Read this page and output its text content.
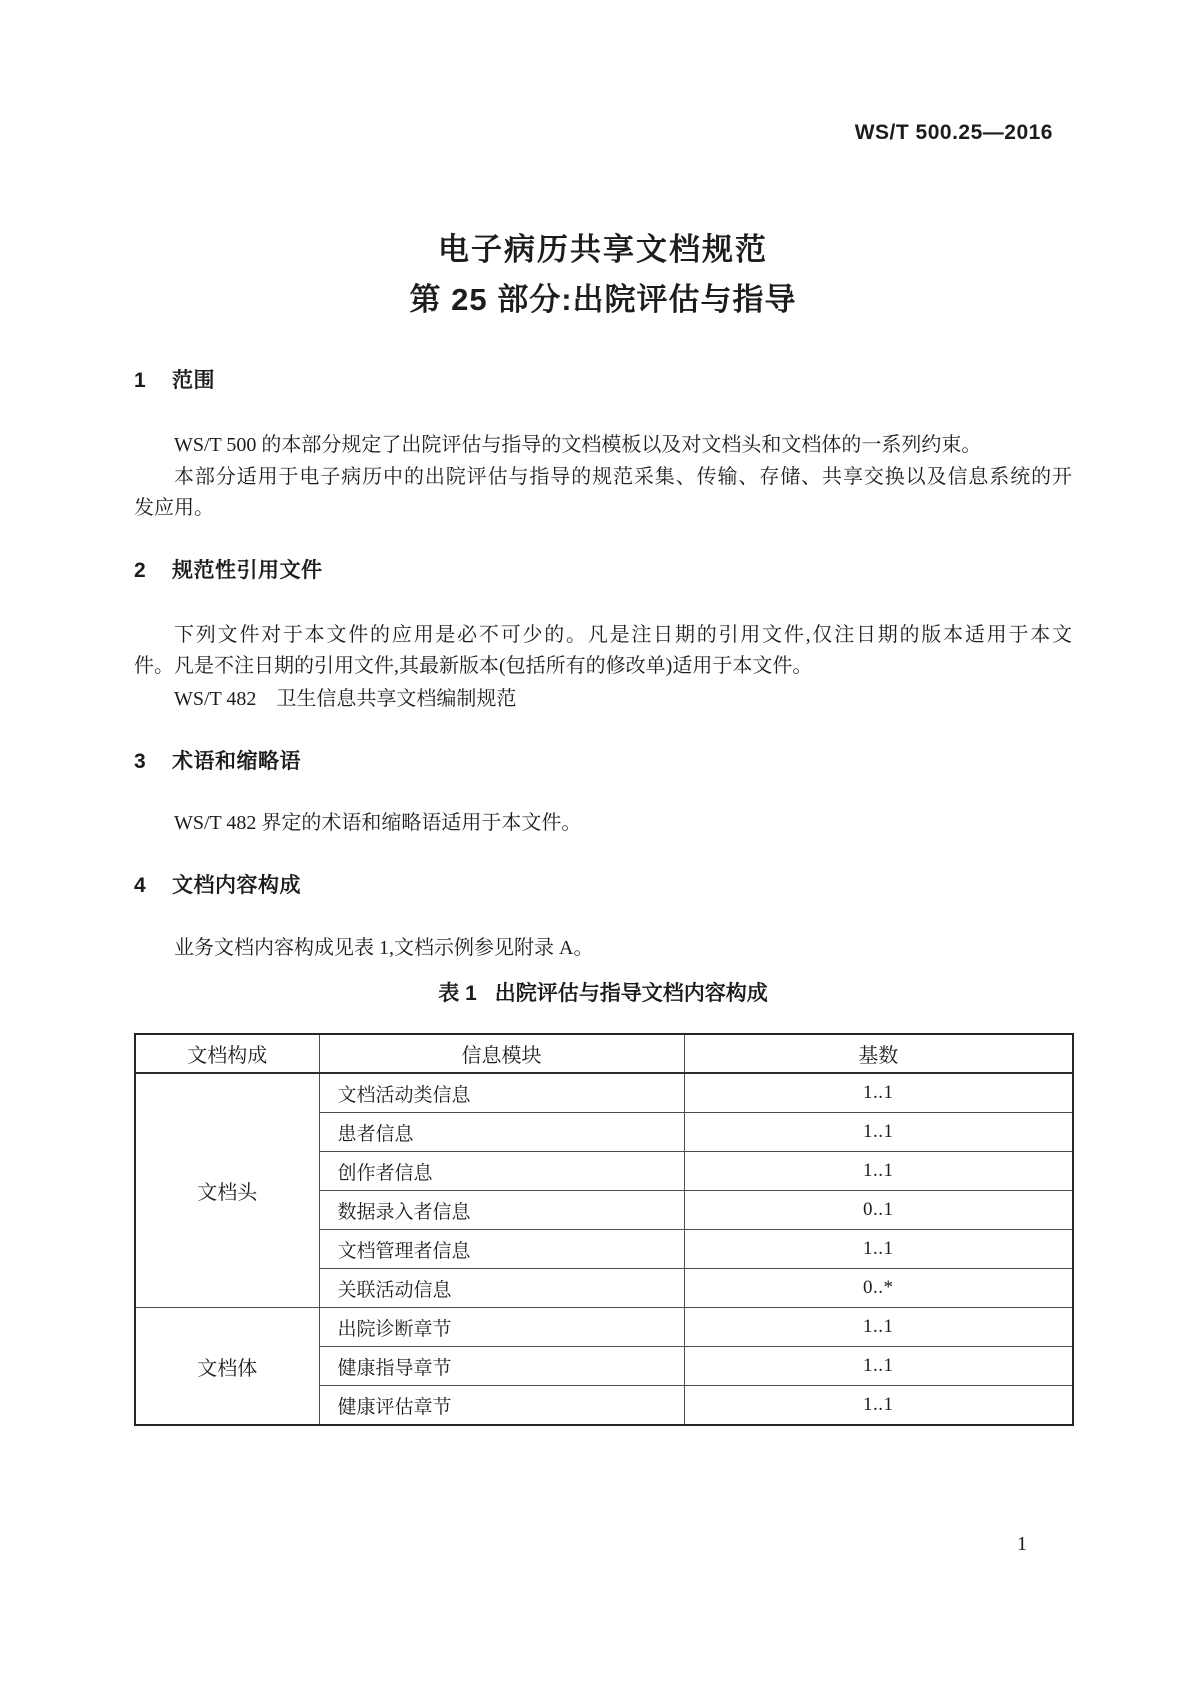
WS/T 500.25—2016
电子病历共享文档规范
第 25 部分:出院评估与指导
1 范围
WS/T 500 的本部分规定了出院评估与指导的文档模板以及对文档头和文档体的一系列约束。
本部分适用于电子病历中的出院评估与指导的规范采集、传输、存储、共享交换以及信息系统的开
发应用。
2 规范性引用文件
下列文件对于本文件的应用是必不可少的。凡是注日期的引用文件,仅注日期的版本适用于本文
件。凡是不注日期的引用文件,其最新版本(包括所有的修改单)适用于本文件。
WS/T 482　卫生信息共享文档编制规范
3 术语和缩略语
WS/T 482 界定的术语和缩略语适用于本文件。
4 文档内容构成
业务文档内容构成见表 1,文档示例参见附录 A。
表 1 出院评估与指导文档内容构成
文档构成	信息模块	基数
文档头	文档活动类信息	1..1
	患者信息	1..1
	创作者信息	1..1
	数据录入者信息	0..1
	文档管理者信息	1..1
	关联活动信息	0..*
文档体	出院诊断章节	1..1
	健康指导章节	1..1
	健康评估章节	1..1
1
